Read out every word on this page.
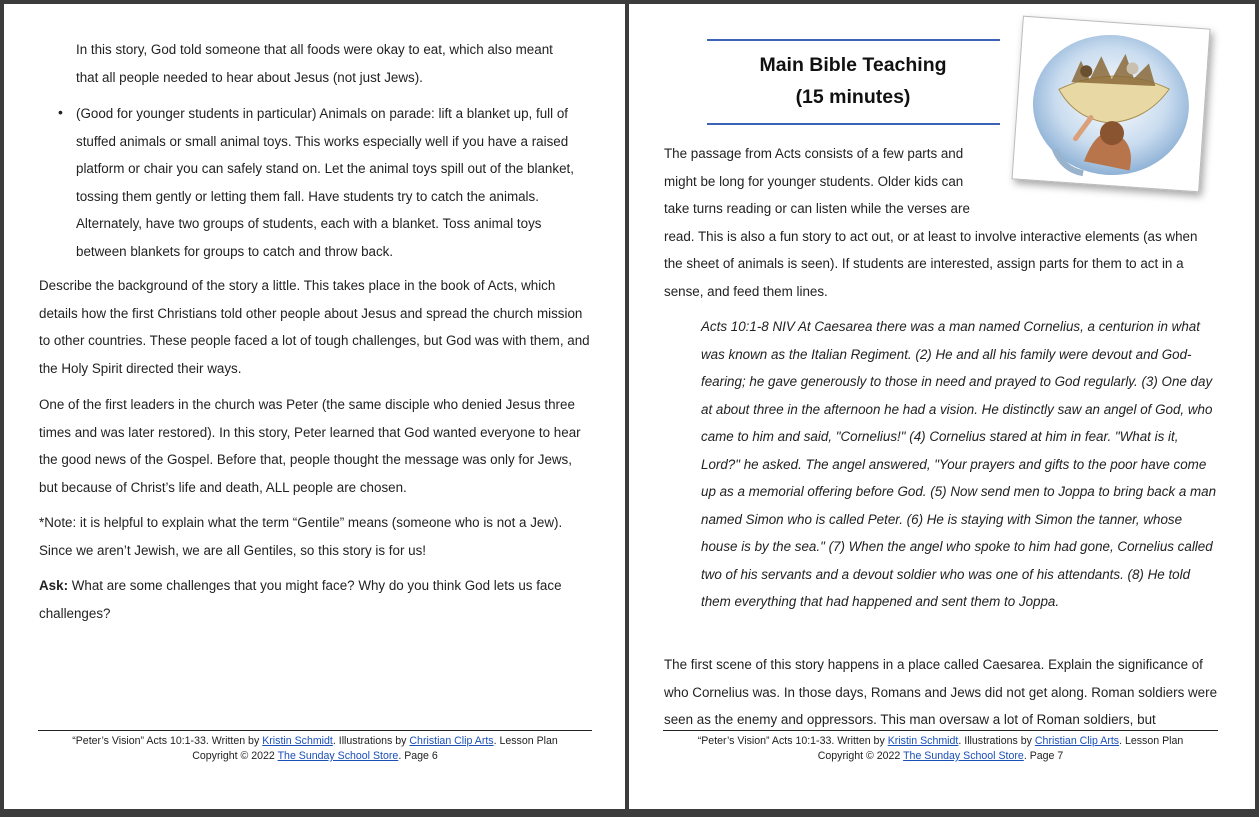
In this story, God told someone that all foods were okay to eat, which also meant that all people needed to hear about Jesus (not just Jews).

• (Good for younger students in particular) Animals on parade: lift a blanket up, full of stuffed animals or small animal toys. This works especially well if you have a raised platform or chair you can safely stand on. Let the animal toys spill out of the blanket, tossing them gently or letting them fall. Have students try to catch the animals. Alternately, have two groups of students, each with a blanket. Toss animal toys between blankets for groups to catch and throw back.

Describe the background of the story a little. This takes place in the book of Acts, which details how the first Christians told other people about Jesus and spread the church mission to other countries. These people faced a lot of tough challenges, but God was with them, and the Holy Spirit directed their ways.

One of the first leaders in the church was Peter (the same disciple who denied Jesus three times and was later restored). In this story, Peter learned that God wanted everyone to hear the good news of the Gospel. Before that, people thought the message was only for Jews, but because of Christ’s life and death, ALL people are chosen.

*Note: it is helpful to explain what the term “Gentile” means (someone who is not a Jew). Since we aren’t Jewish, we are all Gentiles, so this story is for us!

Ask: What are some challenges that you might face? Why do you think God lets us face challenges?

“Peter’s Vision” Acts 10:1-33. Written by Kristin Schmidt. Illustrations by Christian Clip Arts. Lesson Plan
Copyright © 2022 The Sunday School Store. Page 6
Main Bible Teaching
(15 minutes)

The passage from Acts consists of a few parts and might be long for younger students. Older kids can take turns reading or can listen while the verses are read. This is also a fun story to act out, or at least to involve interactive elements (as when the sheet of animals is seen). If students are interested, assign parts for them to act in a sense, and feed them lines.

Acts 10:1-8 NIV At Caesarea there was a man named Cornelius, a centurion in what was known as the Italian Regiment. (2) He and all his family were devout and God-fearing; he gave generously to those in need and prayed to God regularly. (3) One day at about three in the afternoon he had a vision. He distinctly saw an angel of God, who came to him and said, "Cornelius!" (4) Cornelius stared at him in fear. "What is it, Lord?" he asked. The angel answered, "Your prayers and gifts to the poor have come up as a memorial offering before God. (5) Now send men to Joppa to bring back a man named Simon who is called Peter. (6) He is staying with Simon the tanner, whose house is by the sea." (7) When the angel who spoke to him had gone, Cornelius called two of his servants and a devout soldier who was one of his attendants. (8) He told them everything that had happened and sent them to Joppa.

The first scene of this story happens in a place called Caesarea. Explain the significance of who Cornelius was. In those days, Romans and Jews did not get along. Roman soldiers were seen as the enemy and oppressors. This man oversaw a lot of Roman soldiers, but

“Peter’s Vision” Acts 10:1-33. Written by Kristin Schmidt. Illustrations by Christian Clip Arts. Lesson Plan
Copyright © 2022 The Sunday School Store. Page 7
